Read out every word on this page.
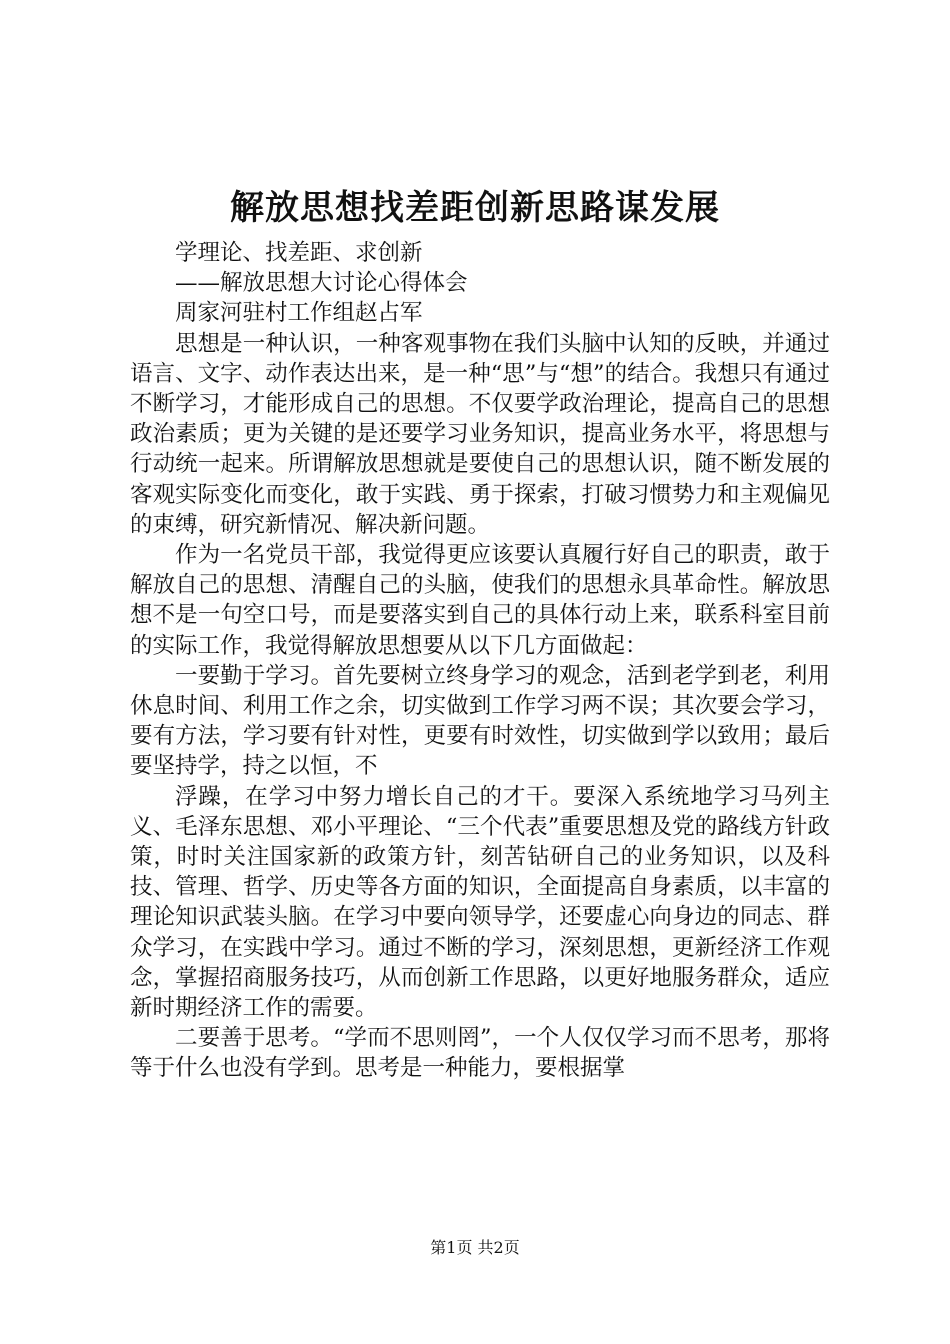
解放思想找差距创新思路谋发展

学理论、找差距、求创新

——解放思想大讨论心得体会

周家河驻村工作组赵占军

思想是一种认识，一种客观事物在我们头脑中认知的反映，并通过语言、文字、动作表达出来，是一种“思”与“想”的结合。我想只有通过不断学习，才能形成自己的思想。不仅要学政治理论，提高自己的思想政治素质；更为关键的是还要学习业务知识，提高业务水平，将思想与行动统一起来。所谓解放思想就是要使自己的思想认识，随不断发展的客观实际变化而变化，敢于实践、勇于探索，打破习惯势力和主观偏见的束缚，研究新情况、解决新问题。

作为一名党员干部，我觉得更应该要认真履行好自己的职责，敢于解放自己的思想、清醒自己的头脑，使我们的思想永具革命性。解放思想不是一句空口号，而是要落实到自己的具体行动上来，联系科室目前的实际工作，我觉得解放思想要从以下几方面做起：

一要勤于学习。首先要树立终身学习的观念，活到老学到老，利用休息时间、利用工作之余，切实做到工作学习两不误；其次要会学习，要有方法，学习要有针对性，更要有时效性，切实做到学以致用；最后要坚持学，持之以恒，不

浮躁，在学习中努力增长自己的才干。要深入系统地学习马列主义、毛泽东思想、邓小平理论、“三个代表”重要思想及党的路线方针政策，时时关注国家新的政策方针，刻苦钻研自己的业务知识，以及科技、管理、哲学、历史等各方面的知识，全面提高自身素质，以丰富的理论知识武装头脑。在学习中要向领导学，还要虚心向身边的同志、群众学习，在实践中学习。通过不断的学习，深刻思想，更新经济工作观念，掌握招商服务技巧，从而创新工作思路，以更好地服务群众，适应新时期经济工作的需要。

二要善于思考。“学而不思则罔”，一个人仅仅学习而不思考，那将等于什么也没有学到。思考是一种能力，要根据掌

第1页 共2页
